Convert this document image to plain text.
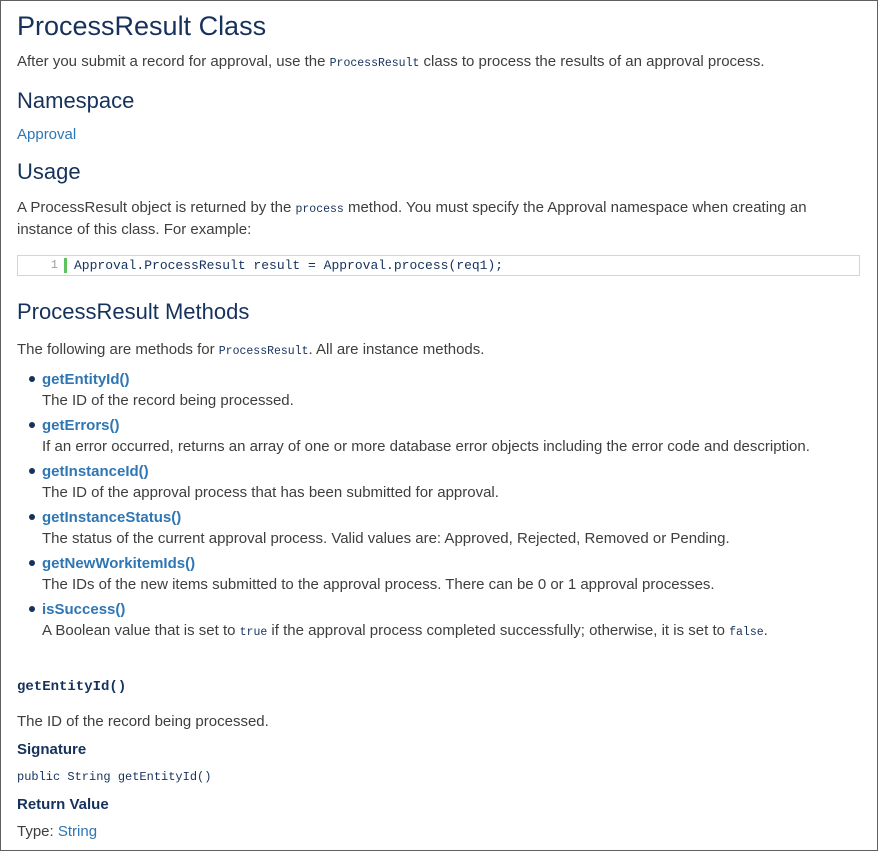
ProcessResult Class

After you submit a record for approval, use the ProcessResult class to process the results of an approval process.

Namespace
Approval
Usage

A ProcessResult object is returned by the process method. You must specify the Approval namespace when creating an instance of this class. For example:

1	Approval.ProcessResult result = Approval.process(req1);
ProcessResult Methods

The following are methods for ProcessResult. All are instance methods.

getEntityId()
The ID of the record being processed.
getErrors()
If an error occurred, returns an array of one or more database error objects including the error code and description.
getInstanceId()
The ID of the approval process that has been submitted for approval.
getInstanceStatus()
The status of the current approval process. Valid values are: Approved, Rejected, Removed or Pending.
getNewWorkitemIds()
The IDs of the new items submitted to the approval process. There can be 0 or 1 approval processes.
isSuccess()
A Boolean value that is set to true if the approval process completed successfully; otherwise, it is set to false.
getEntityId()

The ID of the record being processed.

Signature
public String getEntityId()
Return Value
Type: String
